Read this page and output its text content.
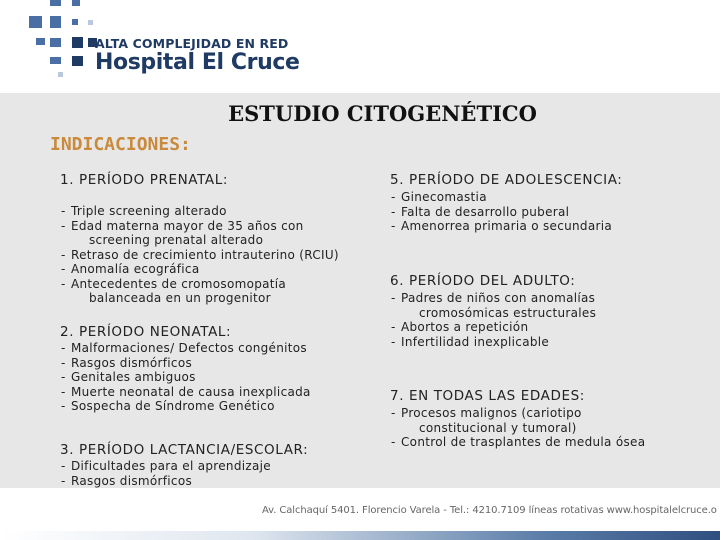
ALTA COMPLEJIDAD EN RED
Hospital El Cruce
ESTUDIO CITOGENÉTICO
INDICACIONES:

1. PERÍODO PRENATAL:

- Triple screening alterado
- Edad materna mayor de 35 años con
screening prenatal alterado
- Retraso de crecimiento intrauterino (RCIU)
- Anomalía ecográfica
- Antecedentes de cromosomopatía
balanceada en un progenitor

2. PERÍODO NEONATAL:

- Malformaciones/ Defectos congénitos
- Rasgos dismórficos
- Genitales ambiguos
- Muerte neonatal de causa inexplicada
- Sospecha de Síndrome Genético

3. PERÍODO LACTANCIA/ESCOLAR:

- Dificultades para el aprendizaje
- Rasgos dismórficos
-

5. PERÍODO DE ADOLESCENCIA:

- Ginecomastia
- Falta de desarrollo puberal
- Amenorrea primaria o secundaria

6. PERÍODO DEL ADULTO:

- Padres de niños con anomalías
cromosómicas estructurales
- Abortos a repetición
- Infertilidad inexplicable

7. EN TODAS LAS EDADES:

- Procesos malignos (cariotipo
constitucional y tumoral)
- Control de trasplantes de medula ósea
Av. Calchaquí 5401. Florencio Varela - Tel.: 4210.7109 líneas rotativas www.hospitalelcruce.o
